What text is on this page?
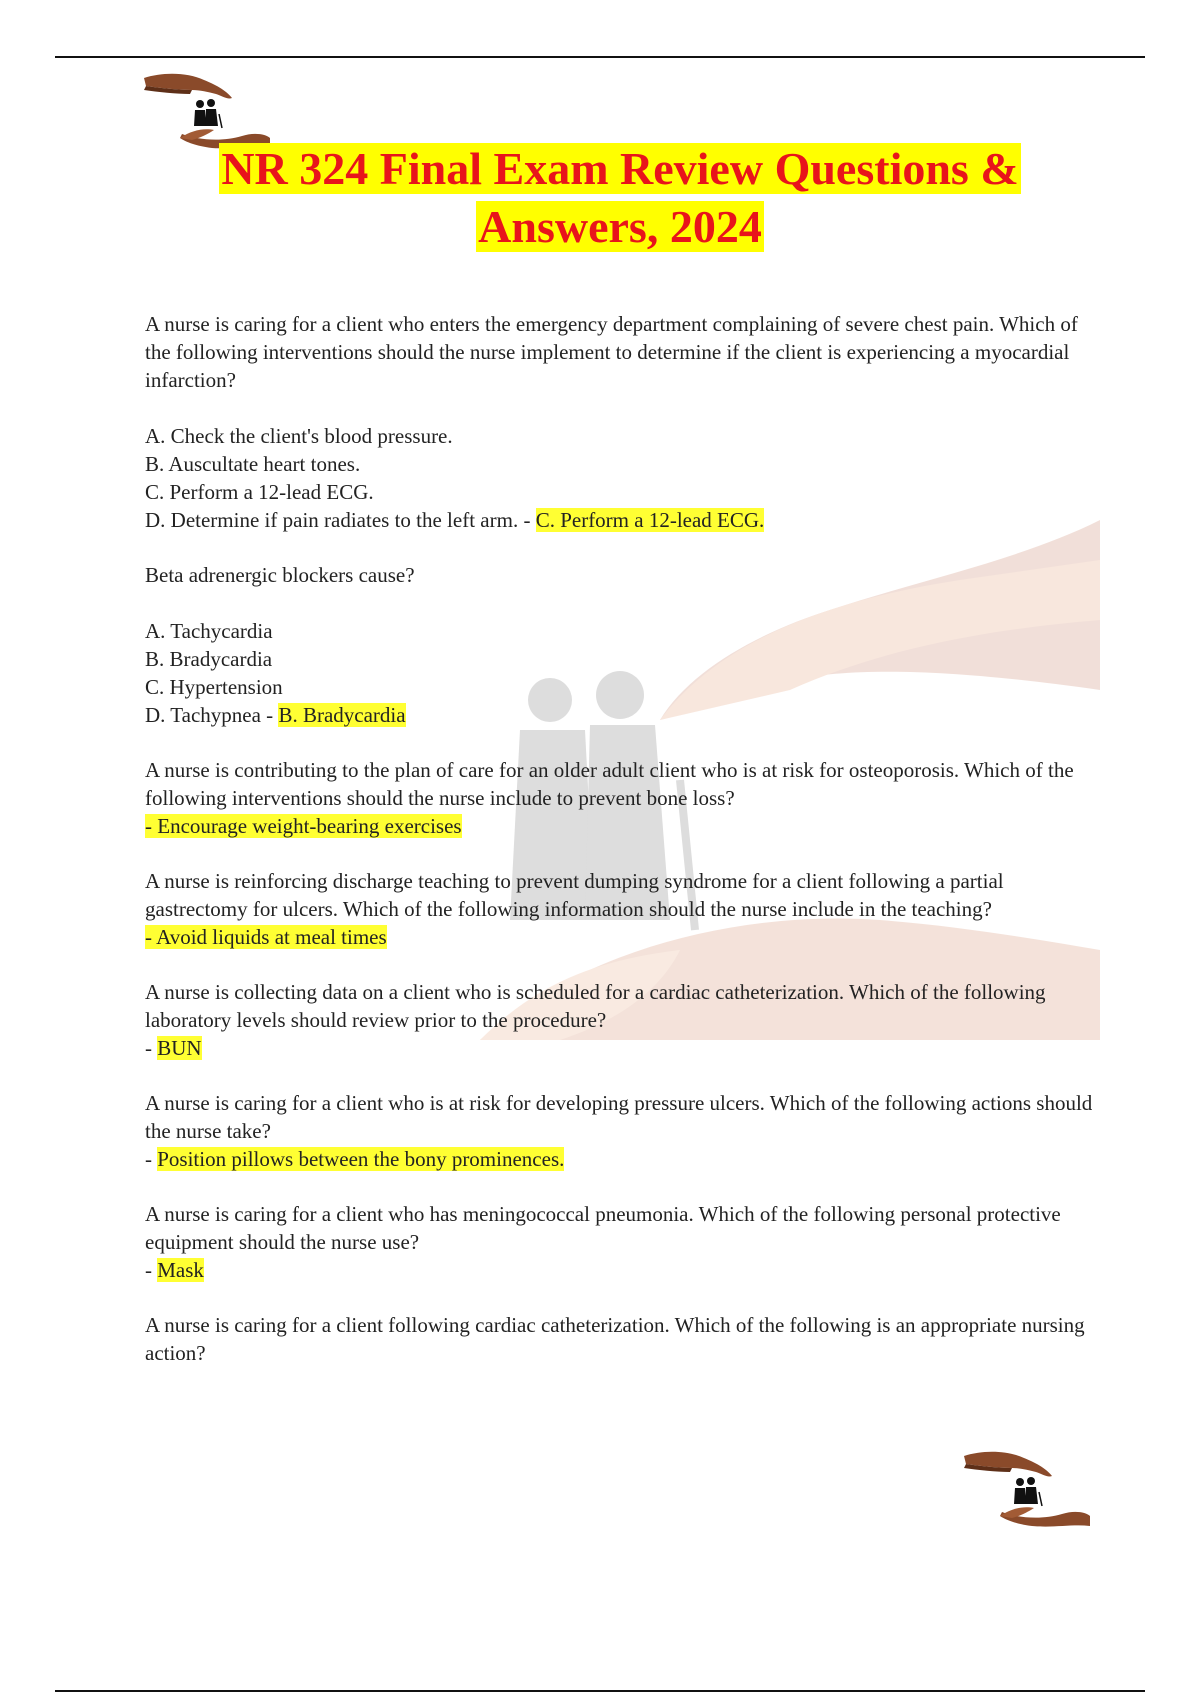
NR 324 Final Exam Review Questions &
Answers, 2024

A nurse is caring for a client who enters the emergency department complaining of severe chest pain. Which of the following interventions should the nurse implement to determine if the client is experiencing a myocardial infarction?

A. Check the client's blood pressure.
B. Auscultate heart tones.
C. Perform a 12-lead ECG.
D. Determine if pain radiates to the left arm. - C. Perform a 12-lead ECG.

Beta adrenergic blockers cause?

A. Tachycardia
B. Bradycardia
C. Hypertension
D. Tachypnea - B. Bradycardia

A nurse is contributing to the plan of care for an older adult client who is at risk for osteoporosis. Which of the following interventions should the nurse include to prevent bone loss?

- Encourage weight-bearing exercises

A nurse is reinforcing discharge teaching to prevent dumping syndrome for a client following a partial gastrectomy for ulcers. Which of the following information should the nurse include in the teaching?

- Avoid liquids at meal times

A nurse is collecting data on a client who is scheduled for a cardiac catheterization. Which of the following laboratory levels should review prior to the procedure?

- BUN

A nurse is caring for a client who is at risk for developing pressure ulcers. Which of the following actions should the nurse take?

- Position pillows between the bony prominences.

A nurse is caring for a client who has meningococcal pneumonia. Which of the following personal protective equipment should the nurse use?

- Mask

A nurse is caring for a client following cardiac catheterization. Which of the following is an appropriate nursing action?
